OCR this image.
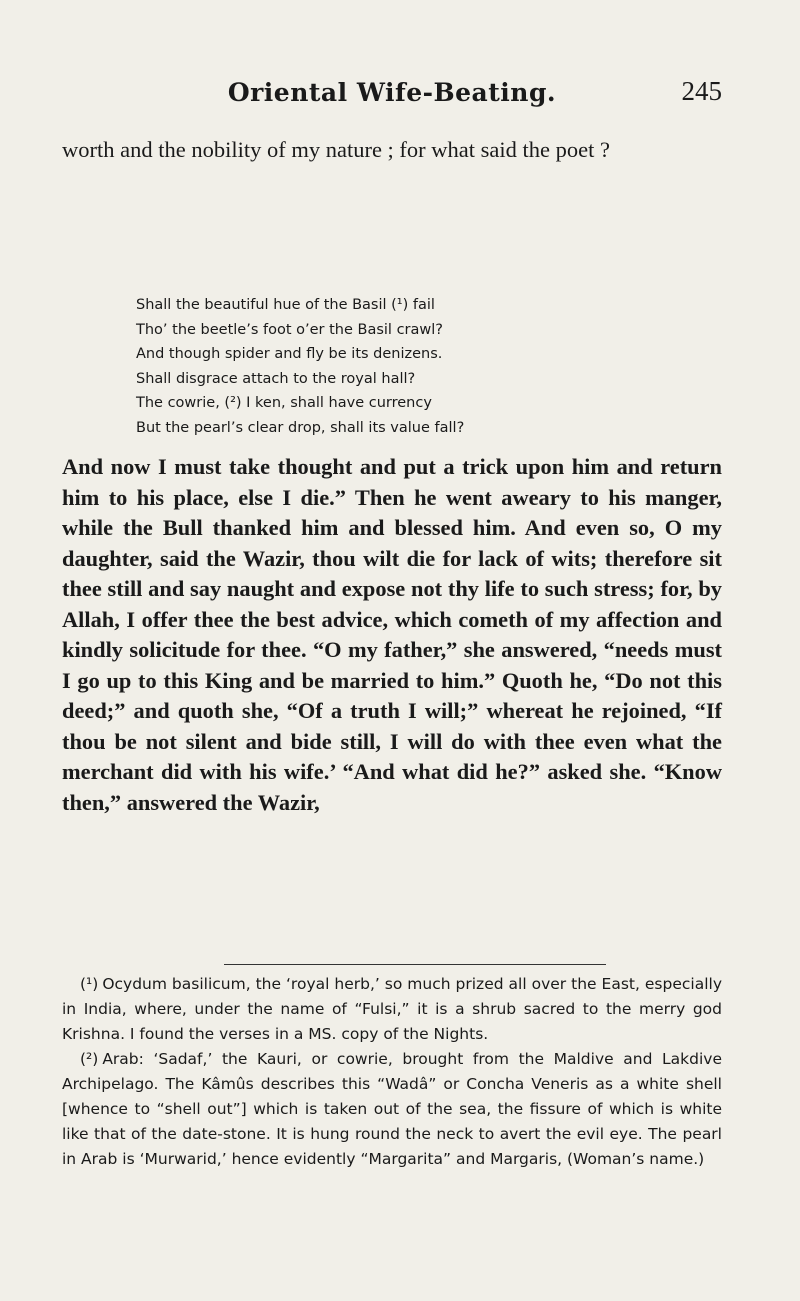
Oriental Wife-Beating.	245

worth and the nobility of my nature ; for what said the poet ?

Shall the beautiful hue of the Basil (¹) fail
Tho’ the beetle’s foot o’er the Basil crawl?
And though spider and fly be its denizens.
Shall disgrace attach to the royal hall?
The cowrie, (²) I ken, shall have currency
But the pearl’s clear drop, shall its value fall?

And now I must take thought and put a trick upon him and return him to his place, else I die.” Then he went aweary to his manger, while the Bull thanked him and blessed him. And even so, O my daughter, said the Wazir, thou wilt die for lack of wits; therefore sit thee still and say naught and expose not thy life to such stress; for, by Allah, I offer thee the best advice, which cometh of my affection and kindly solicitude for thee. “O my father,” she answered, “needs must I go up to this King and be married to him.” Quoth he, “Do not this deed;” and quoth she, “Of a truth I will;” whereat he rejoined, “If thou be not silent and bide still, I will do with thee even what the merchant did with his wife.’ “And what did he?” asked she. “Know then,” answered the Wazir,

(¹) Ocydum basilicum, the ‘royal herb,’ so much prized all over the East, especially in India, where, under the name of “Fulsi,” it is a shrub sacred to the merry god Krishna. I found the verses in a MS. copy of the Nights.

(²) Arab: ‘Sadaf,’ the Kauri, or cowrie, brought from the Maldive and Lakdive Archipelago. The Kâmûs describes this “Wadâ” or Concha Veneris as a white shell [whence to “shell out”] which is taken out of the sea, the fissure of which is white like that of the date-stone. It is hung round the neck to avert the evil eye. The pearl in Arab is ‘Murwarid,’ hence evidently “Margarita” and Margaris, (Woman’s name.)
